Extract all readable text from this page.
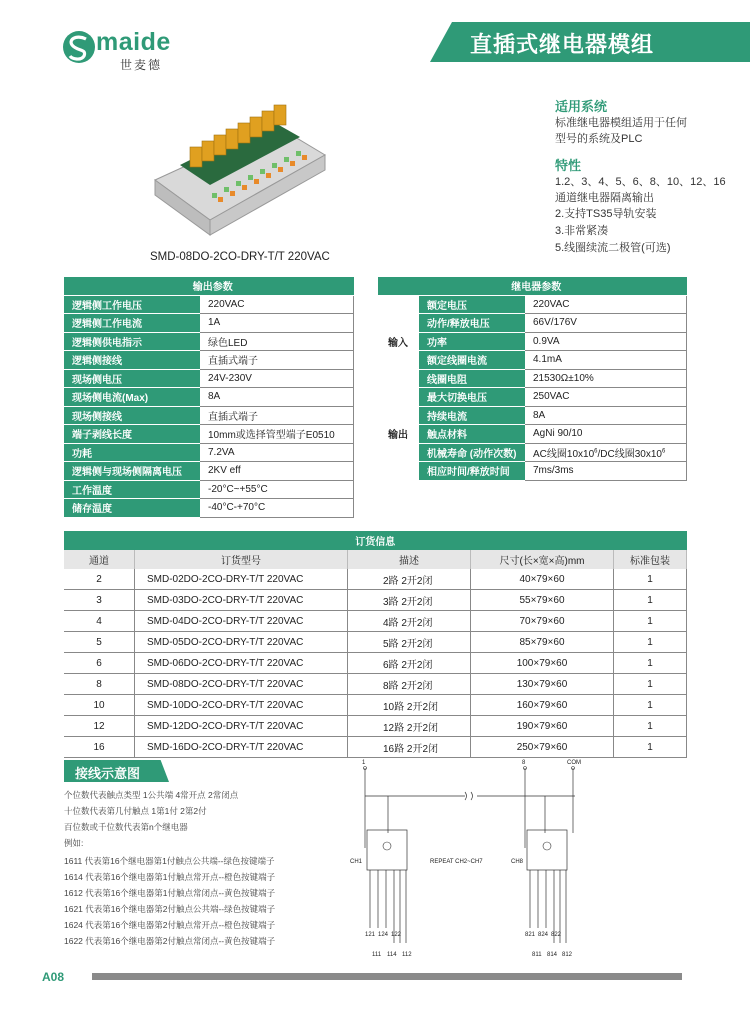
maide
世麦德
直插式继电器模组
SMD-08DO-2CO-DRY-T/T 220VAC
适用系统
标准继电器模组适用于任何
型号的系统及PLC
特性
1.2、3、4、5、6、8、10、12、16
通道继电器隔离输出
2.支持TS35导轨安装
3.非常紧凑
5.线圈续流二极管(可选)
输出参数	
逻辑侧工作电压	220VAC
逻辑侧工作电流	1A
逻辑侧供电指示	绿色LED
逻辑侧接线	直插式端子
现场侧电压	24V-230V
现场侧电流(Max)	8A
现场侧接线	直插式端子
端子剥线长度	10mm或选择管型端子E0510
功耗	7.2VA
逻辑侧与现场侧隔离电压	2KV eff
工作温度	-20°C~+55°C
储存温度	-40°C-+70°C
继电器参数		
输入	额定电压	220VAC
	动作/释放电压	66V/176V
	功率	0.9VA
	额定线圈电流	4.1mA
	线圈电阻	21530Ω±10%
输出	最大切换电压	250VAC
	持续电流	8A
	触点材料	AgNi 90/10
	机械寿命 (动作次数)	AC线圈$10x10^6/DC$线圈$30x10^6$
	相应时间/释放时间	7ms/3ms
订货信息				
通道	订货型号	描述	尺寸(长×宽×高)mm	标准包装
2	SMD-02DO-2CO-DRY-T/T 220VAC	2路 2开2闭	40×79×60	1
3	SMD-03DO-2CO-DRY-T/T 220VAC	3路 2开2闭	55×79×60	1
4	SMD-04DO-2CO-DRY-T/T 220VAC	4路 2开2闭	70×79×60	1
5	SMD-05DO-2CO-DRY-T/T 220VAC	5路 2开2闭	85×79×60	1
6	SMD-06DO-2CO-DRY-T/T 220VAC	6路 2开2闭	100×79×60	1
8	SMD-08DO-2CO-DRY-T/T 220VAC	8路 2开2闭	130×79×60	1
10	SMD-10DO-2CO-DRY-T/T 220VAC	10路 2开2闭	160×79×60	1
12	SMD-12DO-2CO-DRY-T/T 220VAC	12路 2开2闭	190×79×60	1
16	SMD-16DO-2CO-DRY-T/T 220VAC	16路 2开2闭	250×79×60	1
接线示意图
个位数代表触点类型 1公共端 4常开点 2常闭点
十位数代表第几付触点 1第1付 2第2付
百位数或千位数代表第n个继电器
例如:
1611 代表第16个继电器第1付触点公共端--绿色按键端子
1614 代表第16个继电器第1付触点常开点--橙色按键端子
1612 代表第16个继电器第1付触点常闭点--黄色按键端子
1621 代表第16个继电器第2付触点公共端--绿色按键端子
1624 代表第16个继电器第2付触点常开点--橙色按键端子
1622 代表第16个继电器第2付触点常闭点--黄色按键端子
1	8	COM
CH1	CH8
REPEAT CH2~CH7
121 124 122
111 114 112
821 824 822
811 814 812
A08
